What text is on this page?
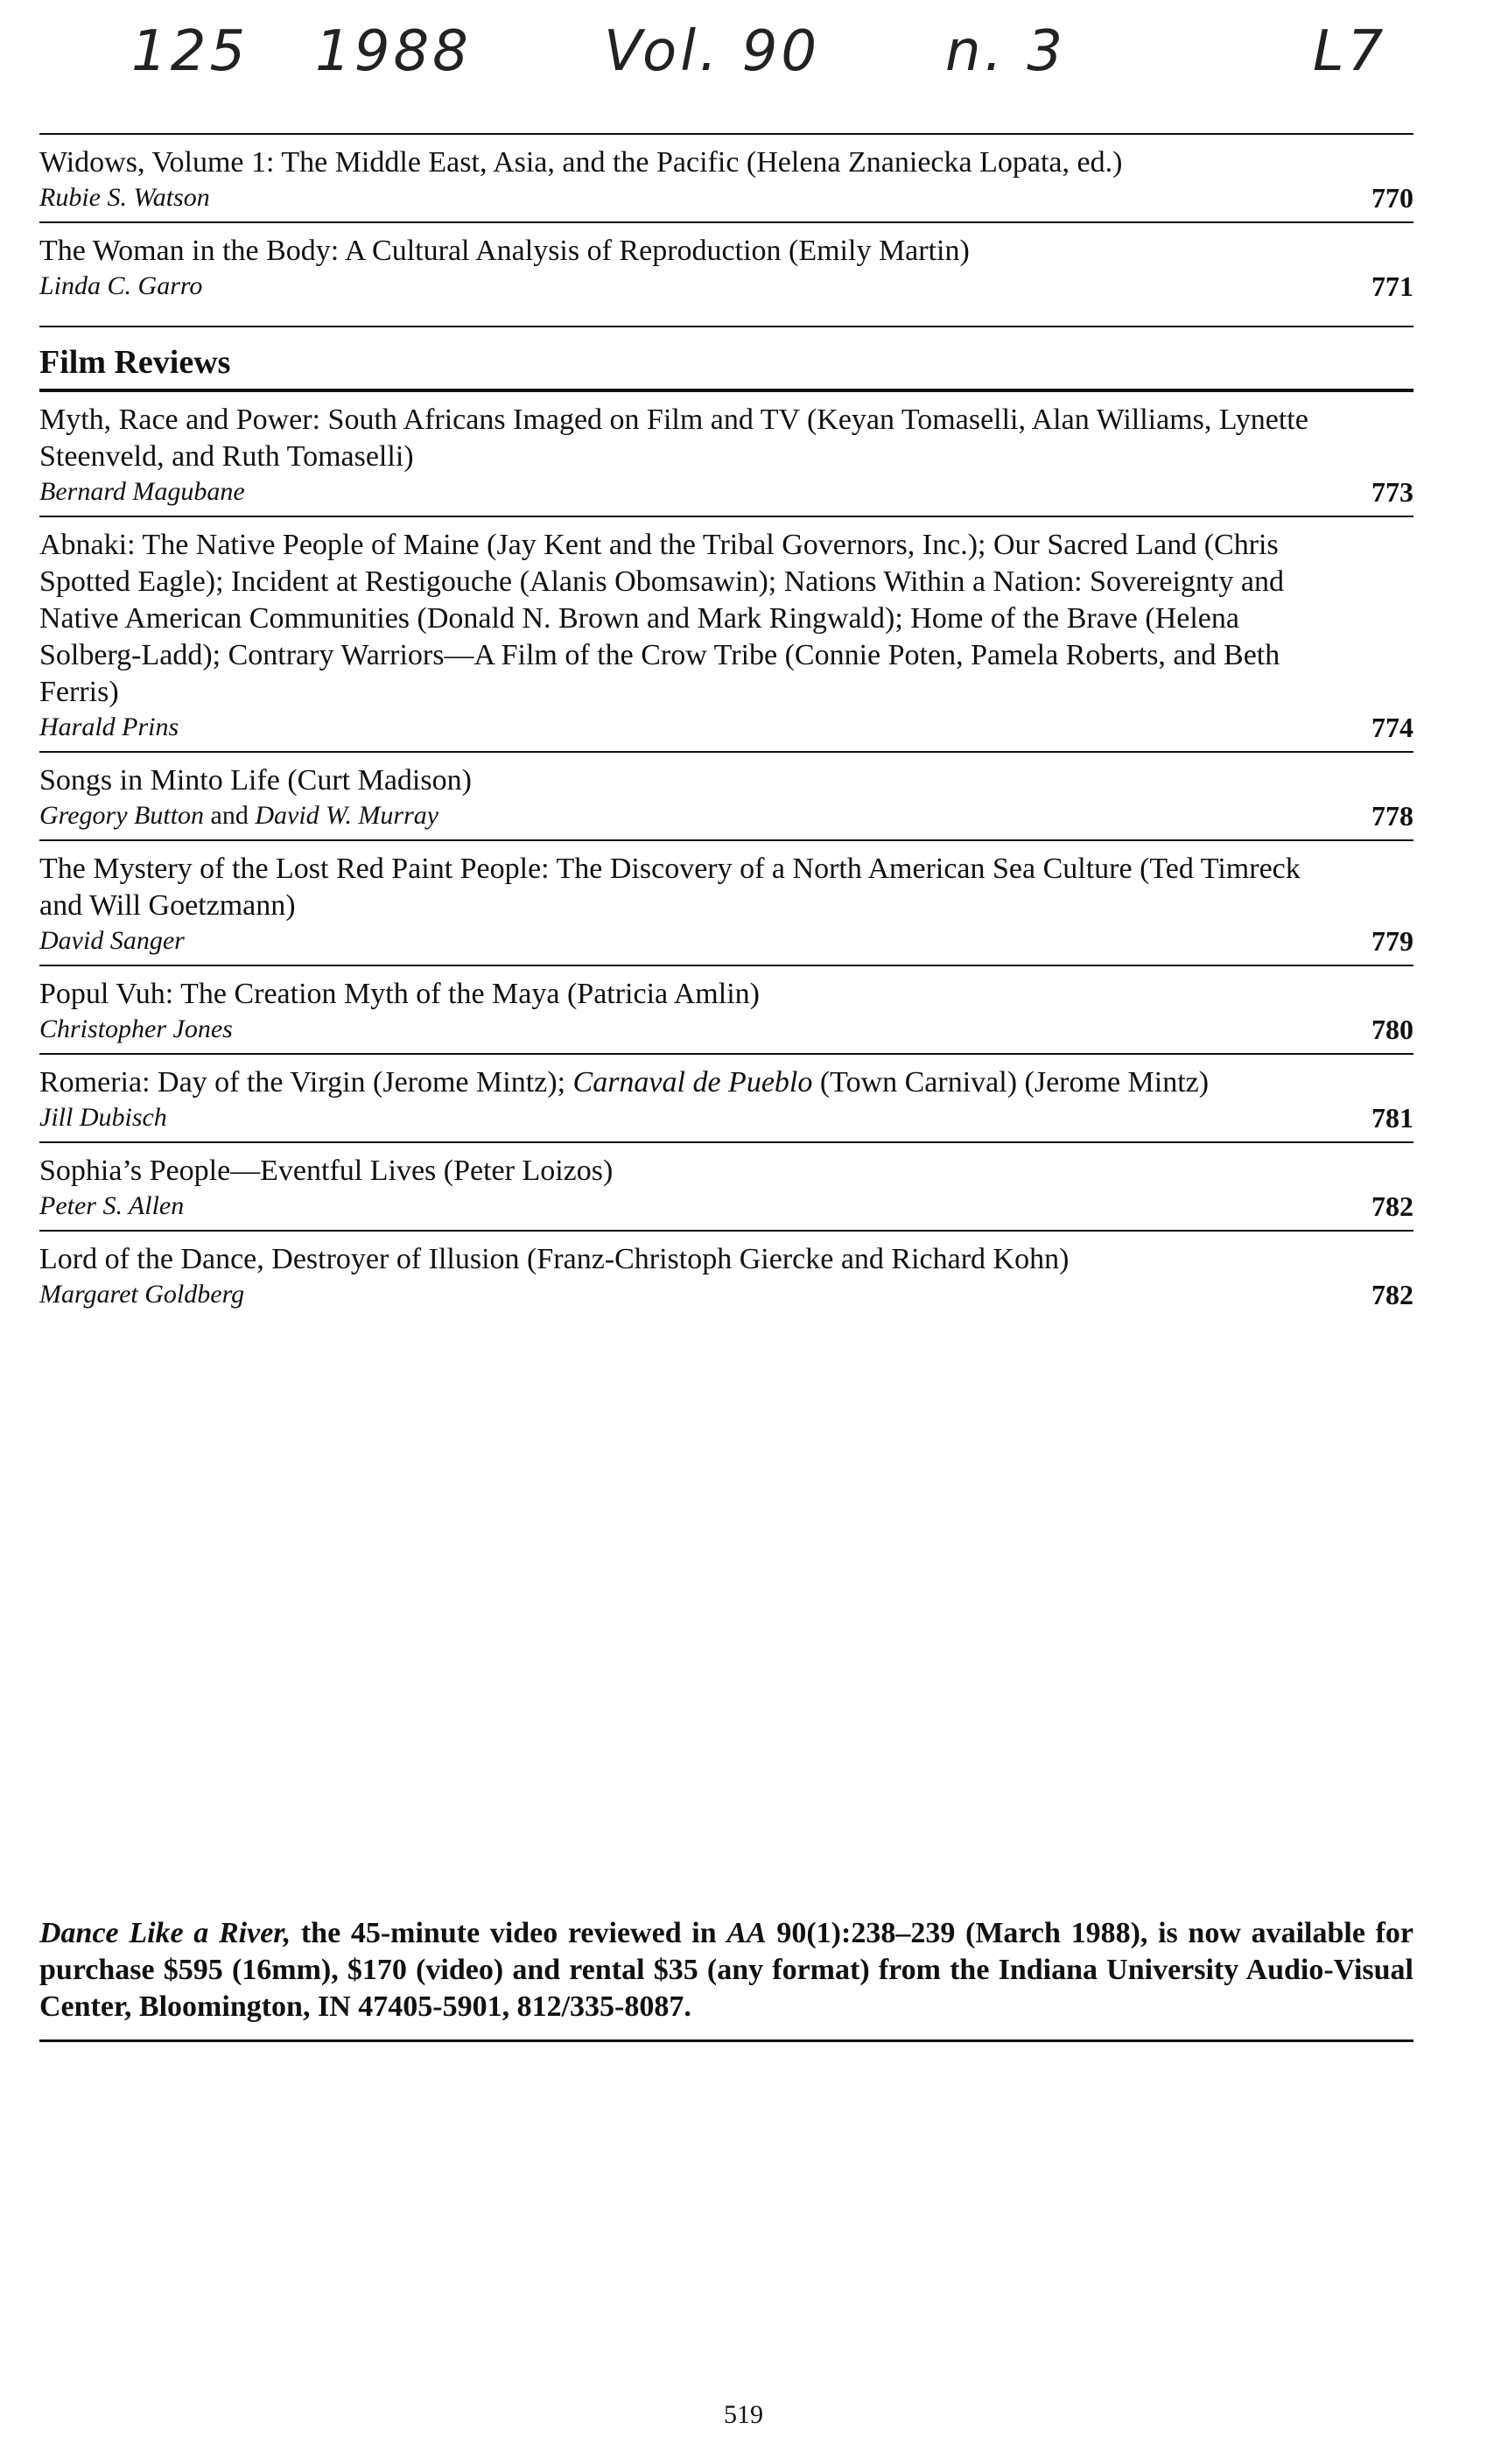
125 1988 Vol. 90 n. 3	L7
Widows, Volume 1: The Middle East, Asia, and the Pacific (Helena Znaniecka Lopata, ed.)
Rubie S. Watson	770
The Woman in the Body: A Cultural Analysis of Reproduction (Emily Martin)
Linda C. Garro	771
Film Reviews
Myth, Race and Power: South Africans Imaged on Film and TV (Keyan Tomaselli, Alan Williams, Lynette Steenveld, and Ruth Tomaselli)
Bernard Magubane	773
Abnaki: The Native People of Maine (Jay Kent and the Tribal Governors, Inc.); Our Sacred Land (Chris Spotted Eagle); Incident at Restigouche (Alanis Obomsawin); Nations Within a Nation: Sovereignty and Native American Communities (Donald N. Brown and Mark Ringwald); Home of the Brave (Helena Solberg-Ladd); Contrary Warriors—A Film of the Crow Tribe (Connie Poten, Pamela Roberts, and Beth Ferris)
Harald Prins	774
Songs in Minto Life (Curt Madison)
Gregory Button and David W. Murray	778
The Mystery of the Lost Red Paint People: The Discovery of a North American Sea Culture (Ted Timreck and Will Goetzmann)
David Sanger	779
Popul Vuh: The Creation Myth of the Maya (Patricia Amlin)
Christopher Jones	780
Romeria: Day of the Virgin (Jerome Mintz); Carnaval de Pueblo (Town Carnival) (Jerome Mintz)
Jill Dubisch	781
Sophia’s People—Eventful Lives (Peter Loizos)
Peter S. Allen	782
Lord of the Dance, Destroyer of Illusion (Franz-Christoph Giercke and Richard Kohn)
Margaret Goldberg	782
Dance Like a River, the 45-minute video reviewed in AA 90(1):238–239 (March 1988), is now available for purchase $595 (16mm), $170 (video) and rental $35 (any format) from the Indiana University Audio-Visual Center, Bloomington, IN 47405-5901, 812/335-8087.
519
